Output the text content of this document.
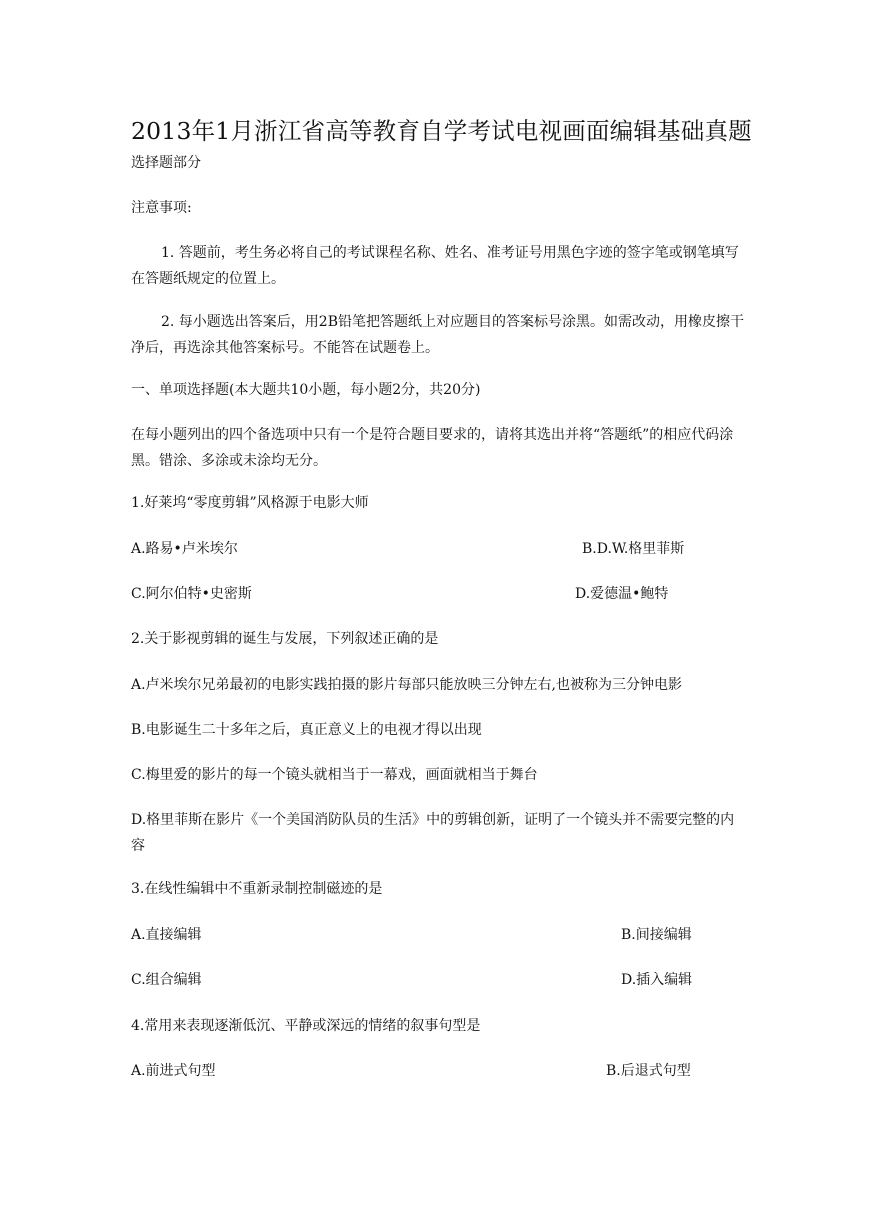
2013年1月浙江省高等教育自学考试电视画面编辑基础真题
选择题部分
注意事项:
1. 答题前，考生务必将自己的考试课程名称、姓名、准考证号用黑色字迹的签字笔或钢笔填写在答题纸规定的位置上。
2. 每小题选出答案后，用2B铅笔把答题纸上对应题目的答案标号涂黑。如需改动，用橡皮擦干净后，再选涂其他答案标号。不能答在试题卷上。
一、单项选择题(本大题共10小题，每小题2分，共20分)
在每小题列出的四个备选项中只有一个是符合题目要求的，请将其选出并将“答题纸”的相应代码涂黑。错涂、多涂或未涂均无分。
1.好莱坞“零度剪辑”风格源于电影大师
A.路易•卢米埃尔	B.D.W.格里菲斯
C.阿尔伯特•史密斯	D.爱德温•鲍特
2.关于影视剪辑的诞生与发展，下列叙述正确的是
A.卢米埃尔兄弟最初的电影实践拍摄的影片每部只能放映三分钟左右,也被称为三分钟电影
B.电影诞生二十多年之后，真正意义上的电视才得以出现
C.梅里爱的影片的每一个镜头就相当于一幕戏，画面就相当于舞台
D.格里菲斯在影片《一个美国消防队员的生活》中的剪辑创新，证明了一个镜头并不需要完整的内容
3.在线性编辑中不重新录制控制磁迹的是
A.直接编辑	B.间接编辑
C.组合编辑	D.插入编辑
4.常用来表现逐渐低沉、平静或深远的情绪的叙事句型是
A.前进式句型	B.后退式句型
